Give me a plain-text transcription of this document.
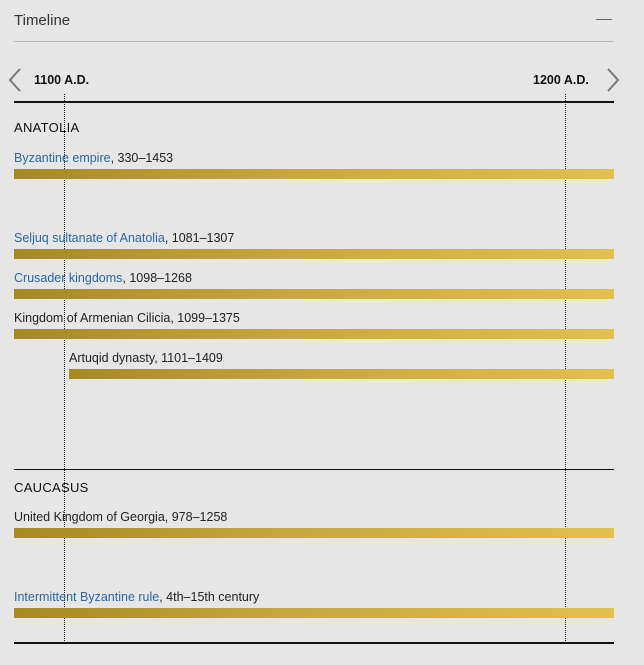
Timeline
1100 A.D.	1200 A.D.
ANATOLIA
Byzantine empire, 330–1453
Seljuq sultanate of Anatolia, 1081–1307
Crusader kingdoms, 1098–1268
Kingdom of Armenian Cilicia, 1099–1375
Artuqid dynasty, 1101–1409
CAUCASUS
United Kingdom of Georgia, 978–1258
Intermittent Byzantine rule, 4th–15th century
